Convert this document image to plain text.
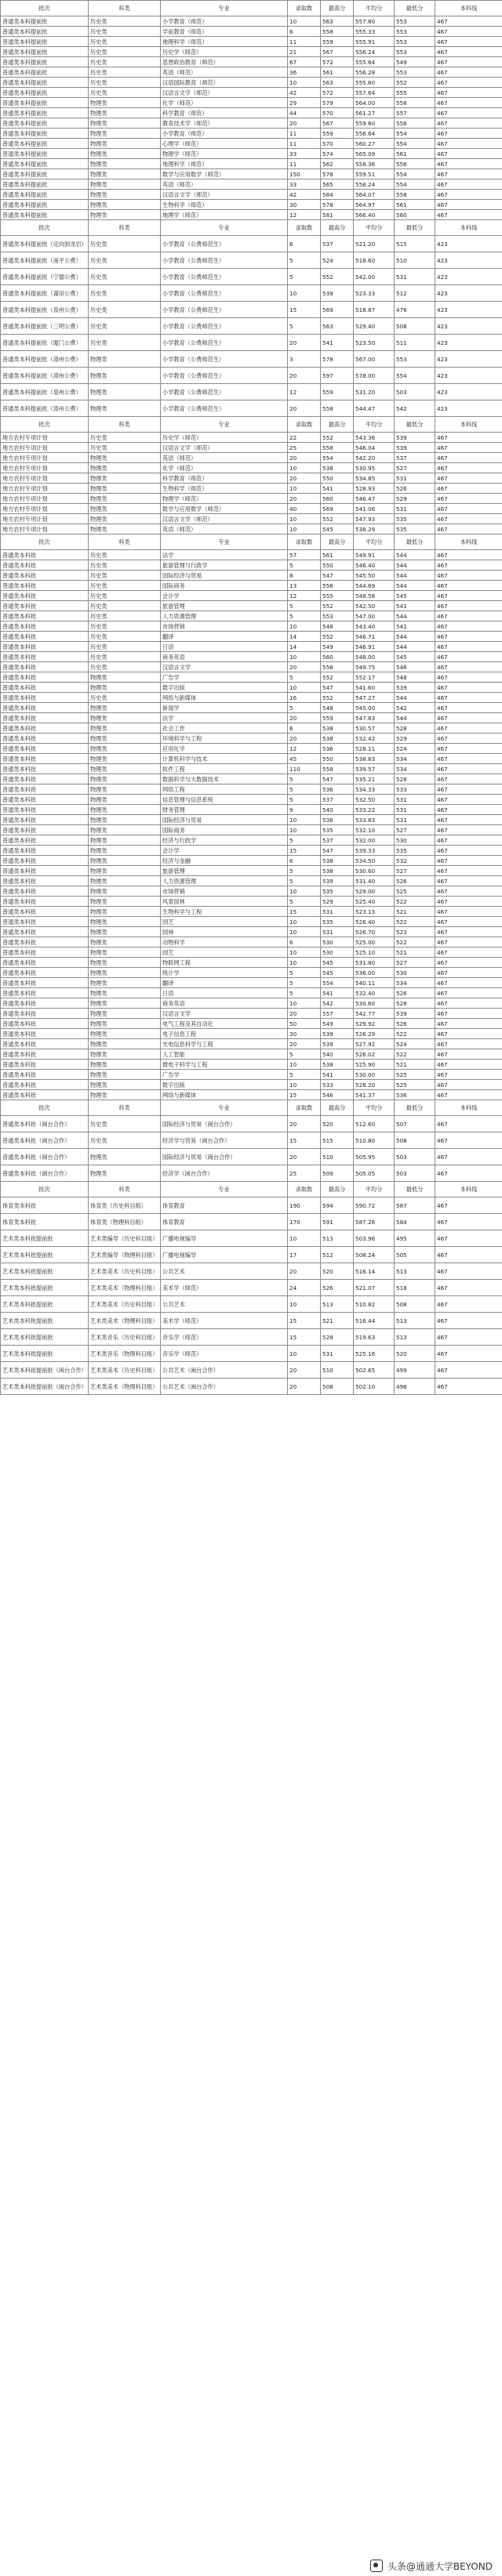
批次	科类	专业	录取数	最高分	平均分	最低分	本科线
普通类本科提前批	历史类	小学教育（师范）	10	563	557.80	553	467
普通类本科提前批	历史类	学前教育（师范）	6	558	555.33	553	467
普通类本科提前批	历史类	地理科学（师范）	11	559	555.91	553	467
普通类本科提前批	历史类	历史学（师范）	21	567	556.24	553	467
普通类本科提前批	历史类	思想政治教育（师范）	67	572	555.64	549	467
普通类本科提前批	历史类	英语（师范）	36	561	556.28	553	467
普通类本科提前批	历史类	汉语国际教育（师范）	10	563	555.60	552	467
普通类本科提前批	历史类	汉语言文学（师范）	42	572	557.64	555	467
普通类本科提前批	物理类	化学（师范）	29	579	564.00	558	467
普通类本科提前批	物理类	科学教育（师范）	44	570	561.27	557	467
普通类本科提前批	物理类	教育技术学（师范）	20	567	559.60	556	467
普通类本科提前批	物理类	小学教育（师范）	11	559	556.64	554	467
普通类本科提前批	物理类	心理学（师范）	11	570	560.27	554	467
普通类本科提前批	物理类	物理学（师范）	33	574	565.09	561	467
普通类本科提前批	物理类	地理科学（师范）	11	562	558.36	556	467
普通类本科提前批	物理类	数学与应用数学（师范）	150	578	559.51	554	467
普通类本科提前批	物理类	英语（师范）	33	565	558.24	554	467
普通类本科提前批	物理类	汉语言文学（师范）	42	584	564.07	558	467
普通类本科提前批	物理类	生物科学（师范）	30	578	564.97	561	467
普通类本科提前批	物理类	地理学（师范）	12	581	566.40	560	467
批次	科类	专业	录取数	最高分	平均分	最低分	本科线
普通类本科提前批（定向到龙岩）	历史类	小学教育（公费师范生）	6	537	521.20	515	423
普通类本科提前批（南平公费）	历史类	小学教育（公费师范生）	5	524	518.60	510	423
普通类本科提前批（宁德公费）	历史类	小学教育（公费师范生）	5	552	542.00	531	423
普通类本科提前批（莆田公费）	历史类	小学教育（公费师范生）	10	539	523.33	512	423
普通类本科提前批（泉州公费）	历史类	小学教育（公费师范生）	15	569	518.87	476	423
普通类本科提前批（三明公费）	历史类	小学教育（公费师范生）	5	563	529.40	508	423
普通类本科提前批（厦门公费）	历史类	小学教育（公费师范生）	20	541	523.50	511	423
普通类本科提前批（漳州公费）	物理类	小学教育（公费师范生）	3	578	567.00	553	423
普通类本科提前批（漳州公费）	物理类	小学教育（公费师范生）	20	597	578.00	554	423
普通类本科提前批（泉州公费）	物理类	小学教育（公费师范生）	12	559	531.20	503	423
普通类本科提前批（漳州公费）	物理类	小学教育（公费师范生）	20	558	544.47	542	423
批次	科类	专业	录取数	最高分	平均分	最低分	本科线
地方农村专项计划	历史类	历史学（师范）	22	552	543.36	539	467
地方农村专项计划	历史类	汉语言文学（师范）	25	558	546.04	539	467
地方农村专项计划	物理类	英语（师范）	20	554	542.20	537	467
地方农村专项计划	物理类	化学（师范）	10	538	530.95	527	467
地方农村专项计划	物理类	科学教育（师范）	20	550	534.85	531	467
地方农村专项计划	物理类	生物科学（师范）	10	541	528.93	526	467
地方农村专项计划	物理类	物理学（师范）	20	560	546.47	529	467
地方农村专项计划	物理类	数学与应用数学（师范）	40	569	541.06	531	467
地方农村专项计划	物理类	汉语言文学（师范）	10	552	547.93	535	467
地方农村专项计划	物理类	英语（师范）	10	545	538.29	535	467
批次	科类	专业	录取数	最高分	平均分	最低分	本科线
普通类本科批	历史类	法学	57	561	549.91	544	467
普通类本科批	历史类	旅游管理与行政学	5	550	546.40	544	467
普通类本科批	历史类	国际经济与贸易	8	547	545.50	544	467
普通类本科批	历史类	国际商务	13	556	544.69	544	467
普通类本科批	历史类	会计学	12	555	548.58	545	467
普通类本科批	历史类	旅游管理	5	552	542.50	541	467
普通类本科批	历史类	人力资源管理	5	553	547.00	544	467
普通类本科批	历史类	市场营销	10	548	543.40	541	467
普通类本科批	历史类	翻译	14	552	546.71	544	467
普通类本科批	历史类	日语	14	549	546.91	544	467
普通类本科批	历史类	商务英语	10	560	548.00	545	467
普通类本科批	历史类	汉语言文学	20	558	549.75	546	467
普通类本科批	物理类	广告学	5	552	552.17	548	467
普通类本科批	物理类	数字出版	10	547	541.60	539	467
普通类本科批	历史类	网络与新媒体	16	552	547.27	544	467
普通类本科批	物理类	新闻学	5	548	545.00	542	467
普通类本科批	物理类	法学	20	559	547.83	544	467
普通类本科批	物理类	社会工作	6	538	530.57	528	467
普通类本科批	物理类	环境科学与工程	20	538	532.42	529	467
普通类本科批	物理类	应用化学	12	536	528.11	524	467
普通类本科批	物理类	计算机科学与技术	45	550	538.83	534	467
普通类本科批	物理类	软件工程	110	558	539.57	534	467
普通类本科批	物理类	数据科学与大数据技术	5	547	535.21	528	467
普通类本科批	物理类	网络工程	5	536	534.33	533	467
普通类本科批	物理类	信息管理与信息系统	5	537	532.50	531	467
普通类本科批	物理类	财务管理	9	540	533.22	531	467
普通类本科批	物理类	国际经济与贸易	10	536	533.83	531	467
普通类本科批	物理类	国际商务	10	535	532.10	527	467
普通类本科批	物理类	经济与行政学	5	537	532.00	530	467
普通类本科批	物理类	会计学	15	547	539.33	535	467
普通类本科批	物理类	经济与金融	6	538	534.50	532	467
普通类本科批	物理类	旅游管理	5	538	530.60	527	467
普通类本科批	物理类	人力资源管理	5	539	531.40	526	467
普通类本科批	物理类	市场营销	10	535	529.00	525	467
普通类本科批	物理类	风景园林	5	529	525.40	522	467
普通类本科批	物理类	生物科学与工程	15	531	523.13	521	467
普通类本科批	物理类	园艺	10	535	526.40	522	467
普通类本科批	物理类	园林	10	531	526.70	523	467
普通类本科批	物理类	动物科学	6	530	525.00	522	467
普通类本科批	物理类	园艺	10	530	525.10	521	467
普通类本科批	物理类	物联网工程	10	545	531.80	527	467
普通类本科批	物理类	统计学	5	545	536.00	530	467
普通类本科批	物理类	翻译	5	554	540.11	534	467
普通类本科批	物理类	日语	5	541	532.40	526	467
普通类本科批	物理类	商务英语	10	542	530.60	528	467
普通类本科批	物理类	汉语言文学	20	557	542.77	539	467
普通类本科批	物理类	电气工程及其自动化	50	549	529.92	526	467
普通类本科批	物理类	电子信息工程	30	539	526.29	522	467
普通类本科批	物理类	光电信息科学与工程	20	539	527.92	524	467
普通类本科批	物理类	人工智能	5	540	526.02	522	467
普通类本科批	物理类	微电子科学与工程	10	538	525.90	521	467
普通类本科批	物理类	广告学	5	541	530.00	525	467
普通类本科批	物理类	数字出版	10	533	528.20	525	467
普通类本科批	物理类	网络与新媒体	15	546	541.37	536	467
批次	科类	专业	录取数	最高分	平均分	最低分	本科线
普通类本科批（闽台合作）	历史类	国际经济与贸易（闽台合作）	20	520	512.60	507	467
普通类本科批（闽台合作）	历史类	经济学与贸易（闽台合作）	15	515	510.80	508	467
普通类本科批（闽台合作）	物理类	国际经济与贸易（闽台合作）	20	510	505.95	503	467
普通类本科批（闽台合作）	物理类	经济学（闽台合作）	25	509	505.05	503	467
批次	科类	专业	录取数	最高分	平均分	最低分	本科线
体育类本科批	体育类（历史科目组）	体育教育	190	594	590.72	587	467
体育类本科批	体育类（物理科目组）	体育教育	170	591	587.26	584	467
艺术类本科批提前批	艺术类编导（历史科目组）	广播电视编导	10	513	503.96	495	467
艺术类本科批提前批	艺术类编导（物理科目组）	广播电视编导	17	512	508.24	505	467
艺术类本科批提前批	艺术类美术（历史科目组）	公共艺术	20	520	516.14	513	467
艺术类本科批提前批	艺术类美术（物理科目组）	美术学（师范）	24	526	521.07	518	467
艺术类本科批提前批	艺术类美术（历史科目组）	公共艺术	10	513	510.82	508	467
艺术类本科批提前批	艺术类美术（物理科目组）	美术学（师范）	15	521	516.44	513	467
艺术类本科批提前批	艺术类音乐（历史科目组）	音乐学（师范）	15	528	519.63	513	467
艺术类本科批提前批	艺术类音乐（物理科目组）	音乐学（师范）	10	531	525.16	520	467
艺术类本科批提前批（闽台合作）	艺术类美术（历史科目组）	公共艺术（闽台合作）	20	510	502.65	499	467
艺术类本科批提前批（闽台合作）	艺术类美术（物理科目组）	公共艺术（闽台合作）	20	508	502.10	498	467
头条@通通大学BEYOND
